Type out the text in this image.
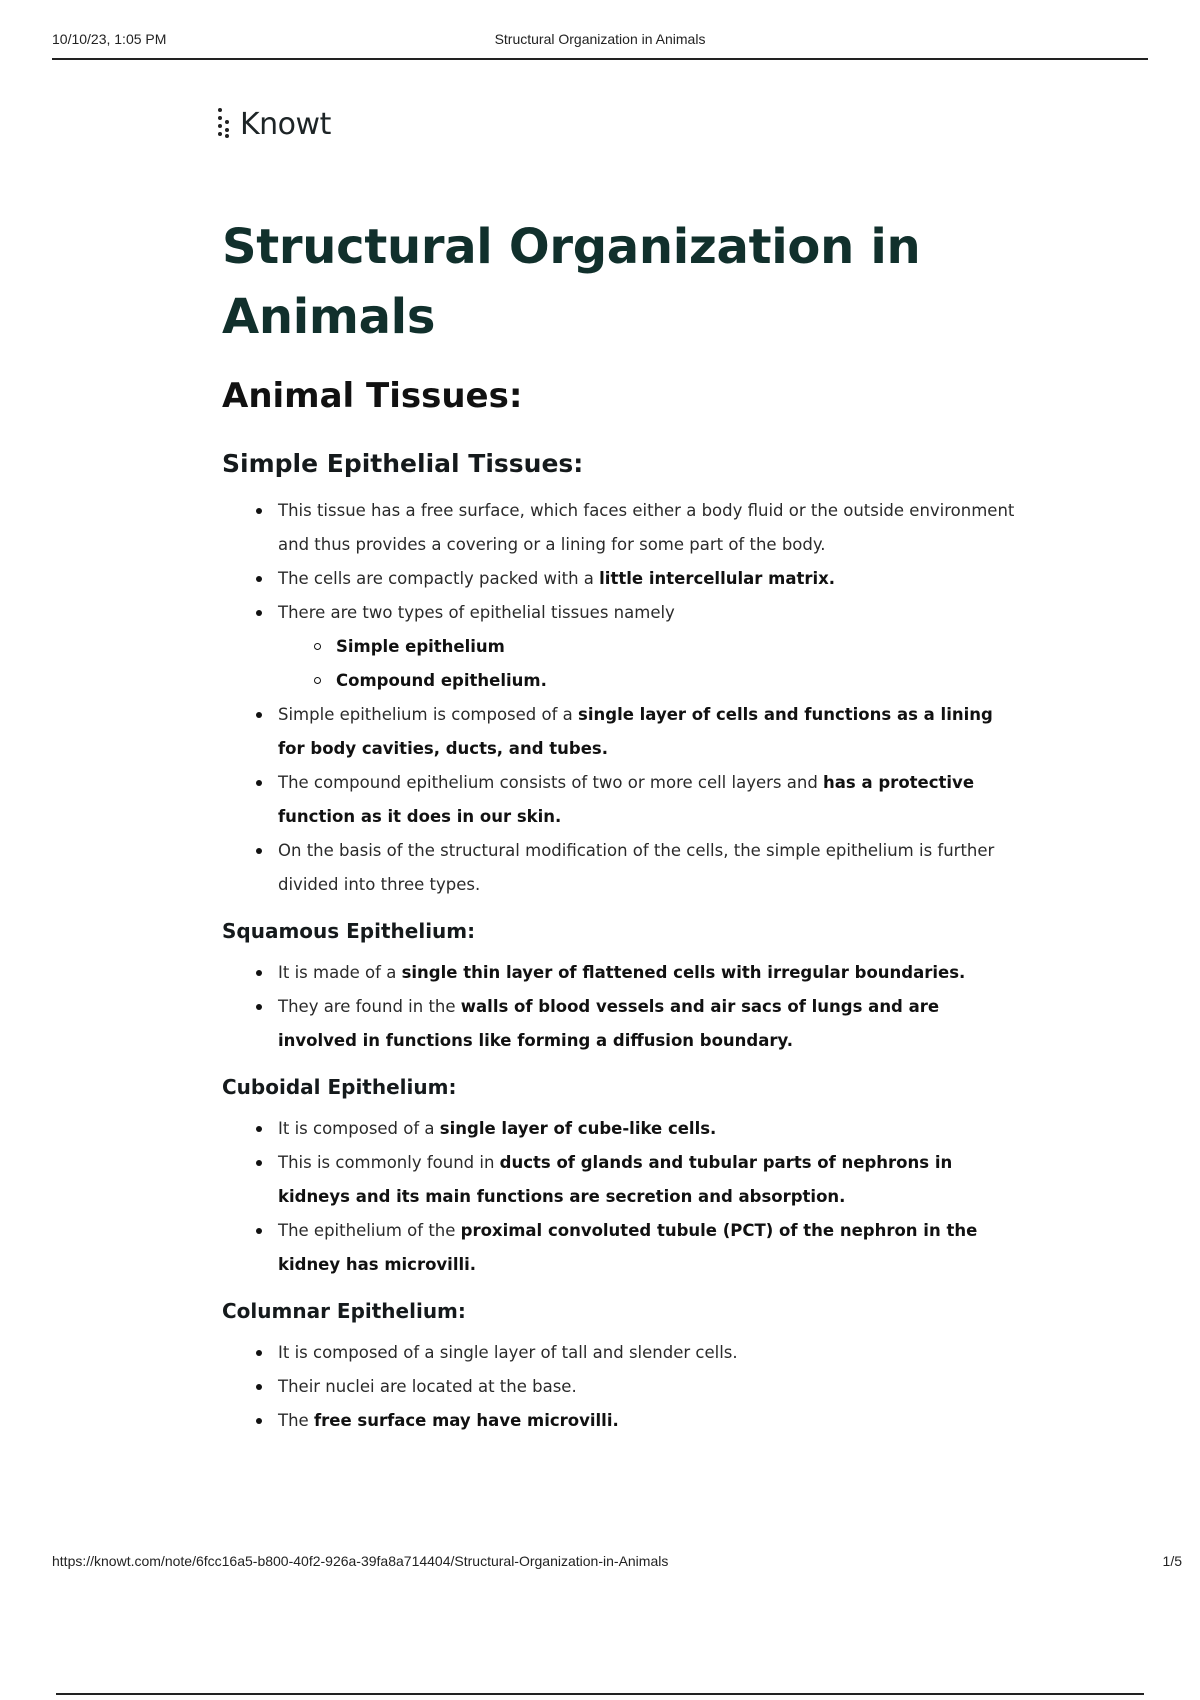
10/10/23, 1:05 PM	Structural Organization in Animals
Knowt
Structural Organization in Animals
Animal Tissues:
Simple Epithelial Tissues:
This tissue has a free surface, which faces either a body fluid or the outside environment and thus provides a covering or a lining for some part of the body.
The cells are compactly packed with a little intercellular matrix.
There are two types of epithelial tissues namely
Simple epithelium
Compound epithelium.
Simple epithelium is composed of a single layer of cells and functions as a lining for body cavities, ducts, and tubes.
The compound epithelium consists of two or more cell layers and has a protective function as it does in our skin.
On the basis of the structural modification of the cells, the simple epithelium is further divided into three types.
Squamous Epithelium:
It is made of a single thin layer of flattened cells with irregular boundaries.
They are found in the walls of blood vessels and air sacs of lungs and are involved in functions like forming a diffusion boundary.
Cuboidal Epithelium:
It is composed of a single layer of cube-like cells.
This is commonly found in ducts of glands and tubular parts of nephrons in kidneys and its main functions are secretion and absorption.
The epithelium of the proximal convoluted tubule (PCT) of the nephron in the kidney has microvilli.
Columnar Epithelium:
It is composed of a single layer of tall and slender cells.
Their nuclei are located at the base.
The free surface may have microvilli.
https://knowt.com/note/6fcc16a5-b800-40f2-926a-39fa8a714404/Structural-Organization-in-Animals	1/5
